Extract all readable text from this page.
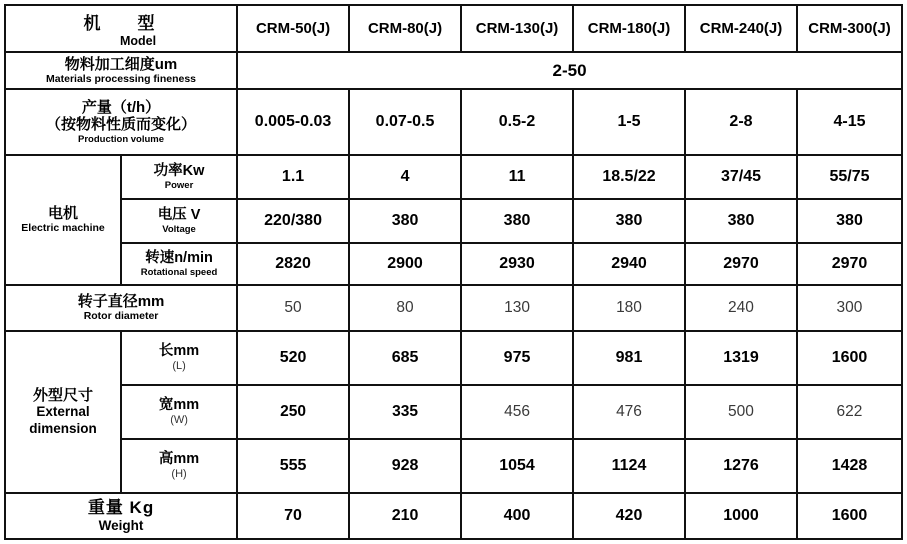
机　型
Model		CRM-50(J)	CRM-80(J)	CRM-130(J)	CRM-180(J)	CRM-240(J)	CRM-300(J)

物料加工细度um
Materials processing fineness		2-50					

产量（t/h）
（按物料性质而变化）
Production volume		0.005-0.03	0.07-0.5	0.5-2	1-5	2-8	4-15

电机
Electric machine	功率Kw
Power	1.1	4	11	18.5/22	37/45	55/75

	电压 V
Voltage	220/380	380	380	380	380	380

	转速n/min
Rotational speed	2820	2900	2930	2940	2970	2970

转子直径mm
Rotor diameter		50	80	130	180	240	300

外型尺寸
External
dimension	长mm
(L)	520	685	975	981	1319	1600

	宽mm
(W)	250	335	456	476	500	622

	高mm
(H)	555	928	1054	1124	1276	1428

重量 Kg
Weight		70	210	400	420	1000	1600
